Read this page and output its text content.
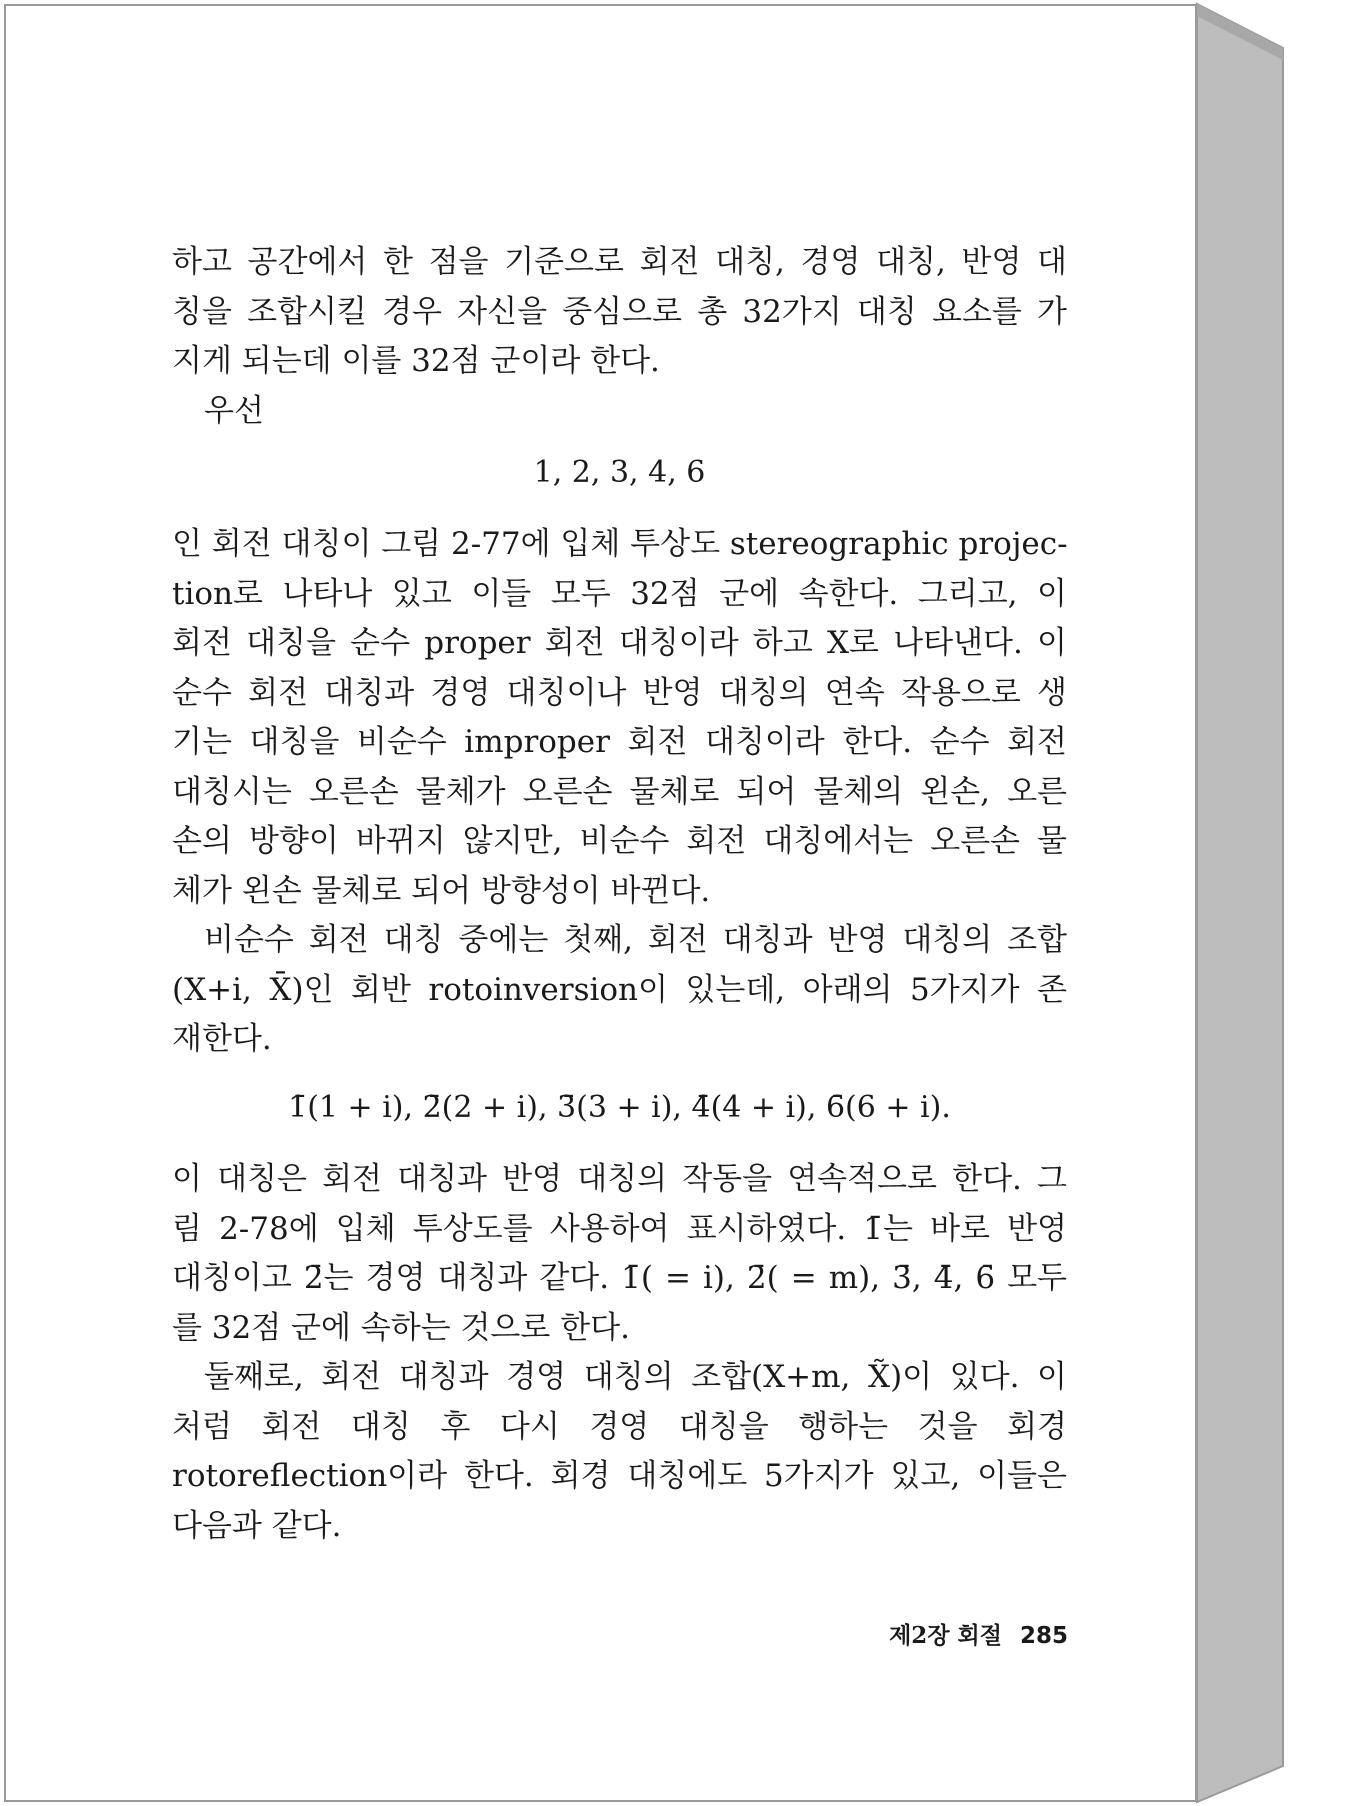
하고 공간에서 한 점을 기준으로 회전 대칭, 경영 대칭, 반영 대
칭을 조합시킬 경우 자신을 중심으로 총 32가지 대칭 요소를 가
지게 되는데 이를 32점 군이라 한다.
우선
1, 2, 3, 4, 6
인 회전 대칭이 그림 2-77에 입체 투상도 stereographic projec-
tion로 나타나 있고 이들 모두 32점 군에 속한다. 그리고, 이
회전 대칭을 순수 proper 회전 대칭이라 하고 X로 나타낸다. 이
순수 회전 대칭과 경영 대칭이나 반영 대칭의 연속 작용으로 생
기는 대칭을 비순수 improper 회전 대칭이라 한다. 순수 회전
대칭시는 오른손 물체가 오른손 물체로 되어 물체의 왼손, 오른
손의 방향이 바뀌지 않지만, 비순수 회전 대칭에서는 오른손 물
체가 왼손 물체로 되어 방향성이 바뀐다.
비순수 회전 대칭 중에는 첫째, 회전 대칭과 반영 대칭의 조합
(X+i, X̄)인 회반 rotoinversion이 있는데, 아래의 5가지가 존
재한다.
1̄(1 + i), 2̄(2 + i), 3̄(3 + i), 4̄(4 + i), 6̄(6 + i).
이 대칭은 회전 대칭과 반영 대칭의 작동을 연속적으로 한다. 그
림 2-78에 입체 투상도를 사용하여 표시하였다. 1̄는 바로 반영
대칭이고 2̄는 경영 대칭과 같다. 1̄( = i), 2̄( = m), 3̄, 4̄, 6̄ 모두
를 32점 군에 속하는 것으로 한다.
둘째로, 회전 대칭과 경영 대칭의 조합(X+m, X̃)이 있다. 이
처럼 회전 대칭 후 다시 경영 대칭을 행하는 것을 회경
rotoreflection이라 한다. 회경 대칭에도 5가지가 있고, 이들은
다음과 같다.
제2장 회절 285
